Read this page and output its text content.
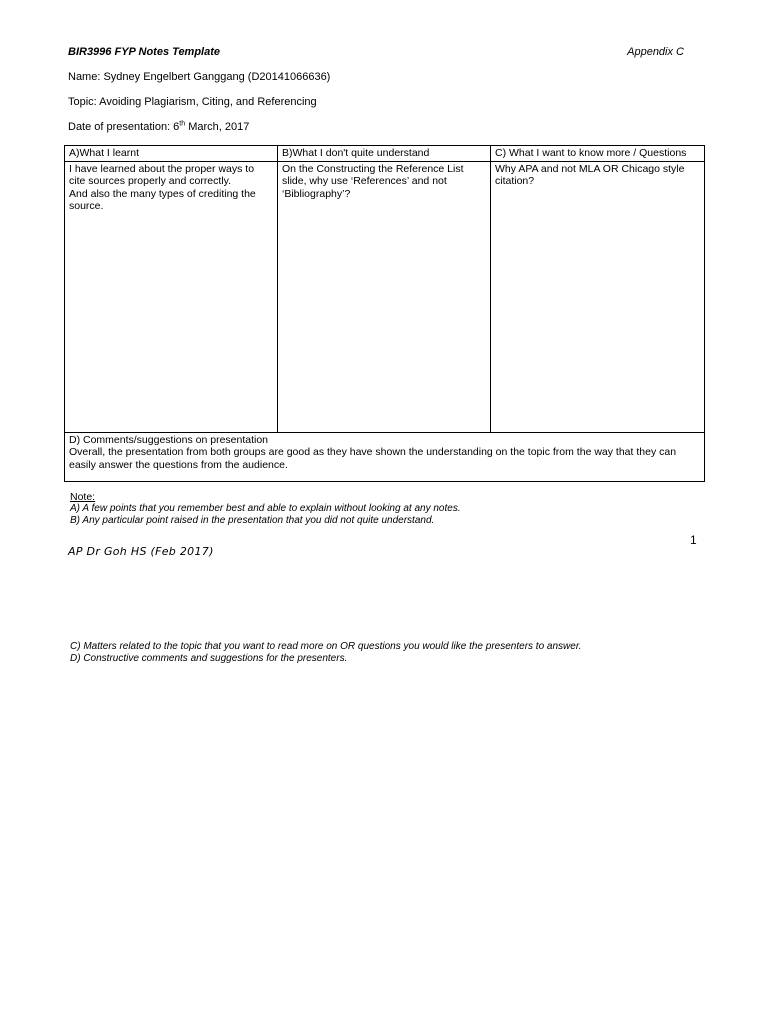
BIR3996 FYP Notes Template	Appendix C
Name: Sydney Engelbert Ganggang (D20141066636)
Topic: Avoiding Plagiarism, Citing, and Referencing
Date of presentation: 6th March, 2017
A)What I learnt	B)What I don't quite understand	C) What I want to know more / Questions

I have learned about the proper ways to
cite sources properly and correctly.
And also the many types of crediting the
source.	On the Constructing the Reference List
slide, why use ‘References’ and not
‘Bibliography’?	Why APA and not MLA OR Chicago style
citation?

D) Comments/suggestions on presentation
Overall, the presentation from both groups are good as they have shown the understanding on the topic from the way that they can
easily answer the questions from the audience.		
Note:
A) A few points that you remember best and able to explain without looking at any notes.
B) Any particular point raised in the presentation that you did not quite understand.
1
AP Dr Goh HS (Feb 2017)
C) Matters related to the topic that you want to read more on OR questions you would like the presenters to answer.
D) Constructive comments and suggestions for the presenters.
